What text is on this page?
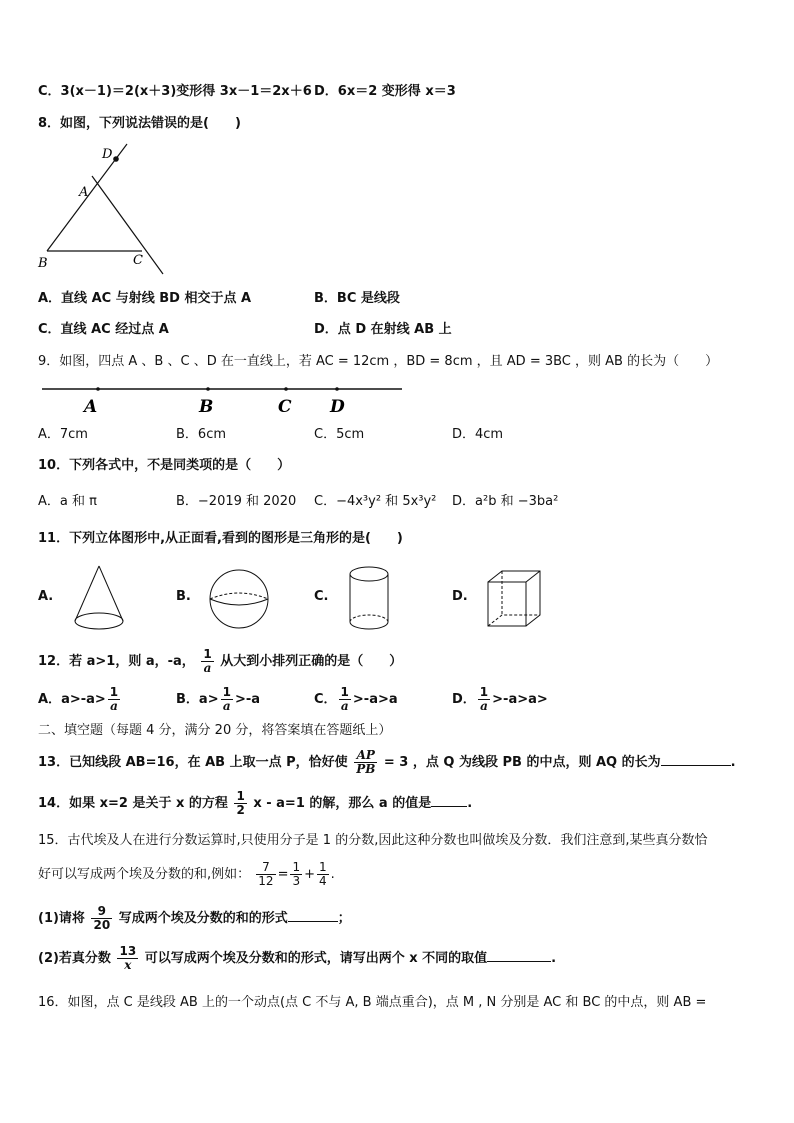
C．3(x－1)＝2(x＋3)变形得 3x－1＝2x＋6 D．6x＝2 变形得 x＝3
8．如图，下列说法错误的是(　　)
D
A
B	C
A．直线 AC 与射线 BD 相交于点 A	B．BC 是线段
C．直线 AC 经过点 A	D．点 D 在射线 AB 上
9．如图，四点 A 、B 、C 、D 在一直线上，若 AC = 12cm ，BD = 8cm ，且 AD = 3BC ，则 AB 的长为（　　）
A	B	C D
A．7cm	B．6cm	C．5cm	D．4cm
10．下列各式中，不是同类项的是（　　）
A．a 和 π	B．−2019 和 2020 C．−4x³y² 和 5x³y² D．a²b 和 −3ba²
11．下列立体图形中,从正面看,看到的图形是三角形的是(　　)
A.	B.	C.	D.
12．若 a>1，则 a，-a， $\frac{1}{a}$ 从大到小排列正确的是（　　）
A．$a>-a> \frac{1}{a}$	B．$a> \frac{1}{a} >-a$	C． $\frac{1}{a} >-a>a$	D． $\frac{1}{a} >-a>a>$
二、填空题（每题 4 分，满分 20 分，将答案填在答题纸上）
13．已知线段 AB=16，在 AB 上取一点 P，恰好使 $\frac{AP}{PB} = 3$ ，点 Q 为线段 PB 的中点，则 AQ 的长为	.
14．如果 x=2 是关于 x 的方程 $\frac{1}{2}$ x - a=1 的解，那么 a 的值是	.
15．古代埃及人在进行分数运算时,只使用分子是 1 的分数,因此这种分数也叫做埃及分数．我们注意到,某些真分数恰
好可以写成两个埃及分数的和,例如： $\frac{7}{12} = \frac{1}{3} + \frac{1}{4}$ .
(1)请将 $\frac{9}{20}$ 写成两个埃及分数的和的形式	；
(2)若真分数 $\frac{13}{x}$ 可以写成两个埃及分数和的形式，请写出两个 x 不同的取值	.
16．如图，点 C 是线段 AB 上的一个动点(点 C 不与 A, B 端点重合)，点 M , N 分别是 AC 和 BC 的中点，则 AB =
